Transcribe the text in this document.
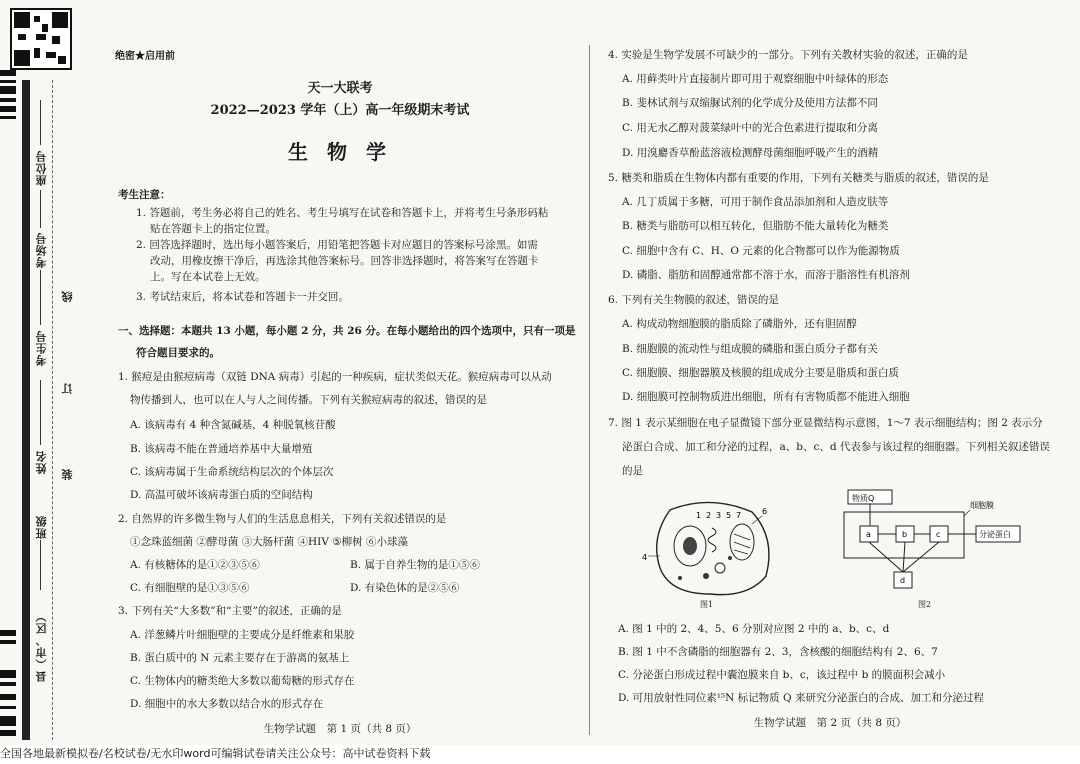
座位号
考场号
考生号
姓名
班级
县（市、区）
线
订
装
绝密★启用前
天一大联考
2022—2023 学年（上）高一年级期末考试
生 物 学
考生注意：
1. 答题前，考生务必将自己的姓名、考生号填写在试卷和答题卡上，并将考生号条形码粘
贴在答题卡上的指定位置。
2. 回答选择题时，选出每小题答案后，用铅笔把答题卡对应题目的答案标号涂黑。如需
改动，用橡皮擦干净后，再选涂其他答案标号。回答非选择题时，将答案写在答题卡
上。写在本试卷上无效。
3. 考试结束后，将本试卷和答题卡一并交回。
一、选择题：本题共 13 小题，每小题 2 分，共 26 分。在每小题给出的四个选项中，只有一项是
符合题目要求的。
1. 猴痘是由猴痘病毒（双链 DNA 病毒）引起的一种疾病，症状类似天花。猴痘病毒可以从动
物传播到人，也可以在人与人之间传播。下列有关猴痘病毒的叙述，错误的是
A. 该病毒有 4 种含氮碱基，4 种脱氧核苷酸
B. 该病毒不能在普通培养基中大量增殖
C. 该病毒属于生命系统结构层次的个体层次
D. 高温可破坏该病毒蛋白质的空间结构
2. 自然界的许多微生物与人们的生活息息相关，下列有关叙述错误的是
①念珠蓝细菌 ②酵母菌 ③大肠杆菌 ④HIV ⑤柳树 ⑥小球藻
A. 有核糖体的是①②③⑤⑥	B. 属于自养生物的是①⑤⑥
C. 有细胞壁的是①③⑤⑥	D. 有染色体的是②⑤⑥
3. 下列有关“大多数”和“主要”的叙述，正确的是
A. 洋葱鳞片叶细胞壁的主要成分是纤维素和果胶
B. 蛋白质中的 N 元素主要存在于游离的氨基上
C. 生物体内的糖类绝大多数以葡萄糖的形式存在
D. 细胞中的水大多数以结合水的形式存在
生物学试题　第 1 页（共 8 页）
4. 实验是生物学发展不可缺少的一部分。下列有关教材实验的叙述，正确的是
A. 用藓类叶片直接制片即可用于观察细胞中叶绿体的形态
B. 斐林试剂与双缩脲试剂的化学成分及使用方法都不同
C. 用无水乙醇对菠菜绿叶中的光合色素进行提取和分离
D. 用溴麝香草酚蓝溶液检测酵母菌细胞呼吸产生的酒精
5. 糖类和脂质在生物体内都有重要的作用，下列有关糖类与脂质的叙述，错误的是
A. 几丁质属于多糖，可用于制作食品添加剂和人造皮肤等
B. 糖类与脂肪可以相互转化，但脂肪不能大量转化为糖类
C. 细胞中含有 C、H、O 元素的化合物都可以作为能源物质
D. 磷脂、脂肪和固醇通常都不溶于水，而溶于脂溶性有机溶剂
6. 下列有关生物膜的叙述，错误的是
A. 构成动物细胞膜的脂质除了磷脂外，还有胆固醇
B. 细胞膜的流动性与组成膜的磷脂和蛋白质分子都有关
C. 细胞膜、细胞器膜及核膜的组成成分主要是脂质和蛋白质
D. 细胞膜可控制物质进出细胞，所有有害物质都不能进入细胞
7. 图 1 表示某细胞在电子显微镜下部分亚显微结构示意图，1～7 表示细胞结构；图 2 表示分
泌蛋白合成、加工和分泌的过程，a、b、c、d 代表参与该过程的细胞器。下列相关叙述错误
的是
4
1 2 3 5	6
7
图1
物质Q
a	b	c
d
细胞膜
分泌蛋白
图2
A. 图 1 中的 2、4、5、6 分别对应图 2 中的 a、b、c、d
B. 图 1 中不含磷脂的细胞器有 2、3，含核酸的细胞结构有 2、6、7
C. 分泌蛋白形成过程中囊泡膜来自 b、c，该过程中 b 的膜面积会减小
D. 可用放射性同位素¹⁵N 标记物质 Q 来研究分泌蛋白的合成、加工和分泌过程
生物学试题　第 2 页（共 8 页）
全国各地最新模拟卷/名校试卷/无水印word可编辑试卷请关注公众号：高中试卷资料下载
